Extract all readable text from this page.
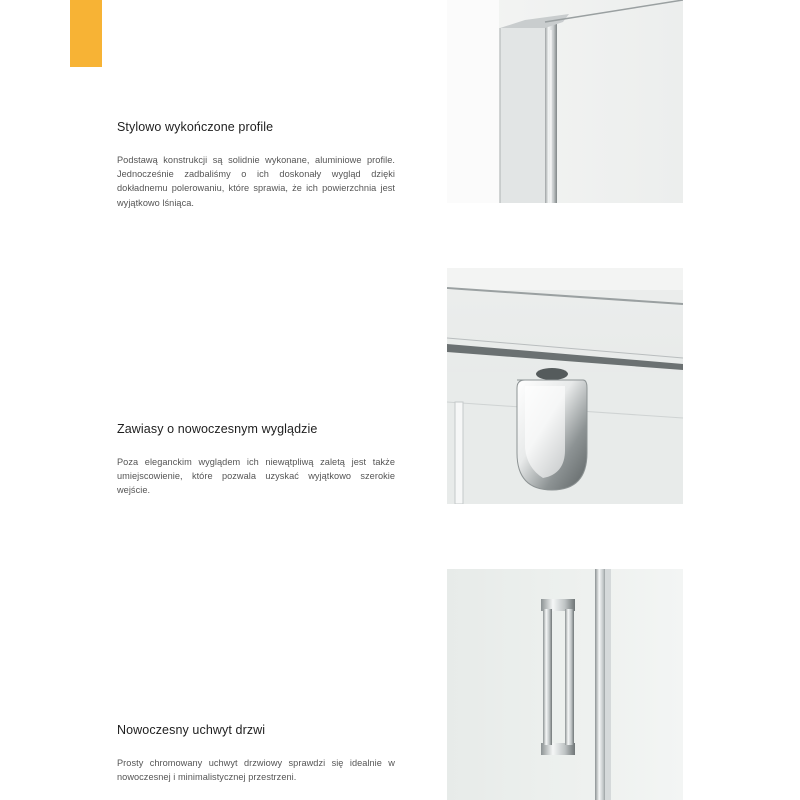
Stylowo wykończone profile

Podstawą konstrukcji są solidnie wykonane, aluminiowe profile. Jednocześnie zadbaliśmy o ich doskonały wygląd dzięki dokładnemu polerowaniu, które sprawia, że ich powierzchnia jest wyjątkowo lśniąca.

Zawiasy o nowoczesnym wyglądzie

Poza eleganckim wyglądem ich niewątpliwą zaletą jest także umiejscowienie, które pozwala uzyskać wyjątkowo szerokie wejście.

Nowoczesny uchwyt drzwi

Prosty chromowany uchwyt drzwiowy sprawdzi się idealnie w nowoczesnej i minimalistycznej przestrzeni.
